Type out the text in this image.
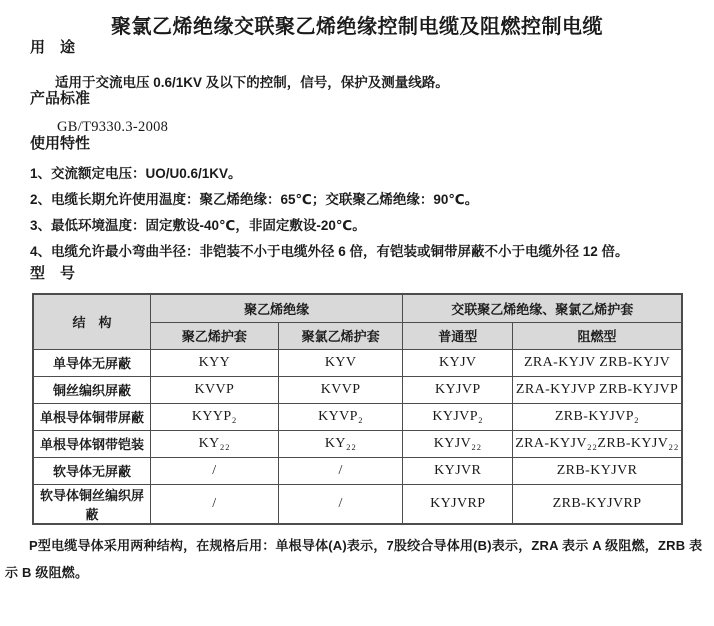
聚氯乙烯绝缘交联聚乙烯绝缘控制电缆及阻燃控制电缆
用　途

适用于交流电压 0.6/1KV 及以下的控制，信号，保护及测量线路。

产品标准

GB/T9330.3-2008

使用特性

1、交流额定电压：UO/U0.6/1KV。

2、电缆长期允许使用温度：聚乙烯绝缘：65℃；交联聚乙烯绝缘：90℃。

3、最低环境温度：固定敷设-40℃，非固定敷设-20℃。

4、电缆允许最小弯曲半径：非铠装不小于电缆外径 6 倍，有铠装或铜带屏蔽不小于电缆外径 12 倍。

型　号
结　构	聚乙烯绝缘		交联聚乙烯绝缘、聚氯乙烯护套	
	聚乙烯护套	聚氯乙烯护套	普通型	阻燃型
单导体无屏蔽	KYY	KYV	KYJV	ZRA-KYJV ZRB-KYJV
铜丝编织屏蔽	KVVP	KVVP	KYJVP	ZRA-KYJVP ZRB-KYJVP
单根导体铜带屏蔽	KYYP₂	KYVP₂	KYJVP₂	ZRB-KYJVP₂
单根导体钢带铠装	KY₂₂	KY₂₂	KYJV₂₂	ZRA-KYJV₂₂ZRB-KYJV₂₂
软导体无屏蔽	/	/	KYJVR	ZRB-KYJVR
软导体铜丝编织屏蔽	/	/	KYJVRP	ZRB-KYJVRP

P型电缆导体采用两种结构，在规格后用：单根导体(A)表示，7股绞合导体用(B)表示，ZRA 表示 A 级阻燃，ZRB 表示 B 级阻燃。
